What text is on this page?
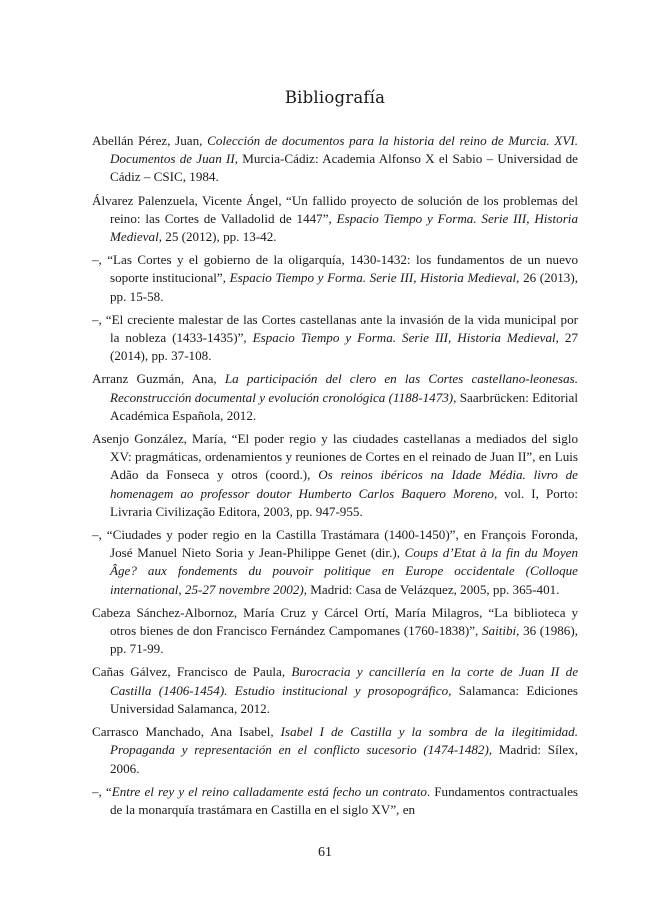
Bibliografía
Abellán Pérez, Juan, Colección de documentos para la historia del reino de Murcia. XVI. Documentos de Juan II, Murcia-Cádiz: Academia Alfonso X el Sabio – Universidad de Cádiz – CSIC, 1984.
Álvarez Palenzuela, Vicente Ángel, “Un fallido proyecto de solución de los problemas del reino: las Cortes de Valladolid de 1447”, Espacio Tiempo y Forma. Serie III, Historia Medieval, 25 (2012), pp. 13-42.
–, “Las Cortes y el gobierno de la oligarquía, 1430-1432: los fundamentos de un nuevo soporte institucional”, Espacio Tiempo y Forma. Serie III, Historia Medieval, 26 (2013), pp. 15-58.
–, “El creciente malestar de las Cortes castellanas ante la invasión de la vida municipal por la nobleza (1433-1435)”, Espacio Tiempo y Forma. Serie III, Historia Medieval, 27 (2014), pp. 37-108.
Arranz Guzmán, Ana, La participación del clero en las Cortes castellano-leonesas. Reconstrucción documental y evolución cronológica (1188-1473), Saarbrücken: Editorial Académica Española, 2012.
Asenjo González, María, “El poder regio y las ciudades castellanas a mediados del siglo XV: pragmáticas, ordenamientos y reuniones de Cortes en el reinado de Juan II”, en Luis Adão da Fonseca y otros (coord.), Os reinos ibéricos na Idade Média. livro de homenagem ao professor doutor Humberto Carlos Baquero Moreno, vol. I, Porto: Livraria Civilização Editora, 2003, pp. 947-955.
–, “Ciudades y poder regio en la Castilla Trastámara (1400-1450)”, en François Foronda, José Manuel Nieto Soria y Jean-Philippe Genet (dir.), Coups d’Etat à la fin du Moyen Âge? aux fondements du pouvoir politique en Europe occidentale (Colloque international, 25-27 novembre 2002), Madrid: Casa de Velázquez, 2005, pp. 365-401.
Cabeza Sánchez-Albornoz, María Cruz y Cárcel Ortí, María Milagros, “La biblioteca y otros bienes de don Francisco Fernández Campomanes (1760-1838)”, Saitibi, 36 (1986), pp. 71-99.
Cañas Gálvez, Francisco de Paula, Burocracia y cancillería en la corte de Juan II de Castilla (1406-1454). Estudio institucional y prosopográfico, Salamanca: Ediciones Universidad Salamanca, 2012.
Carrasco Manchado, Ana Isabel, Isabel I de Castilla y la sombra de la ilegitimidad. Propaganda y representación en el conflicto sucesorio (1474-1482), Madrid: Sílex, 2006.
–, “Entre el rey y el reino calladamente está fecho un contrato. Fundamentos contractuales de la monarquía trastámara en Castilla en el siglo XV”, en
61
